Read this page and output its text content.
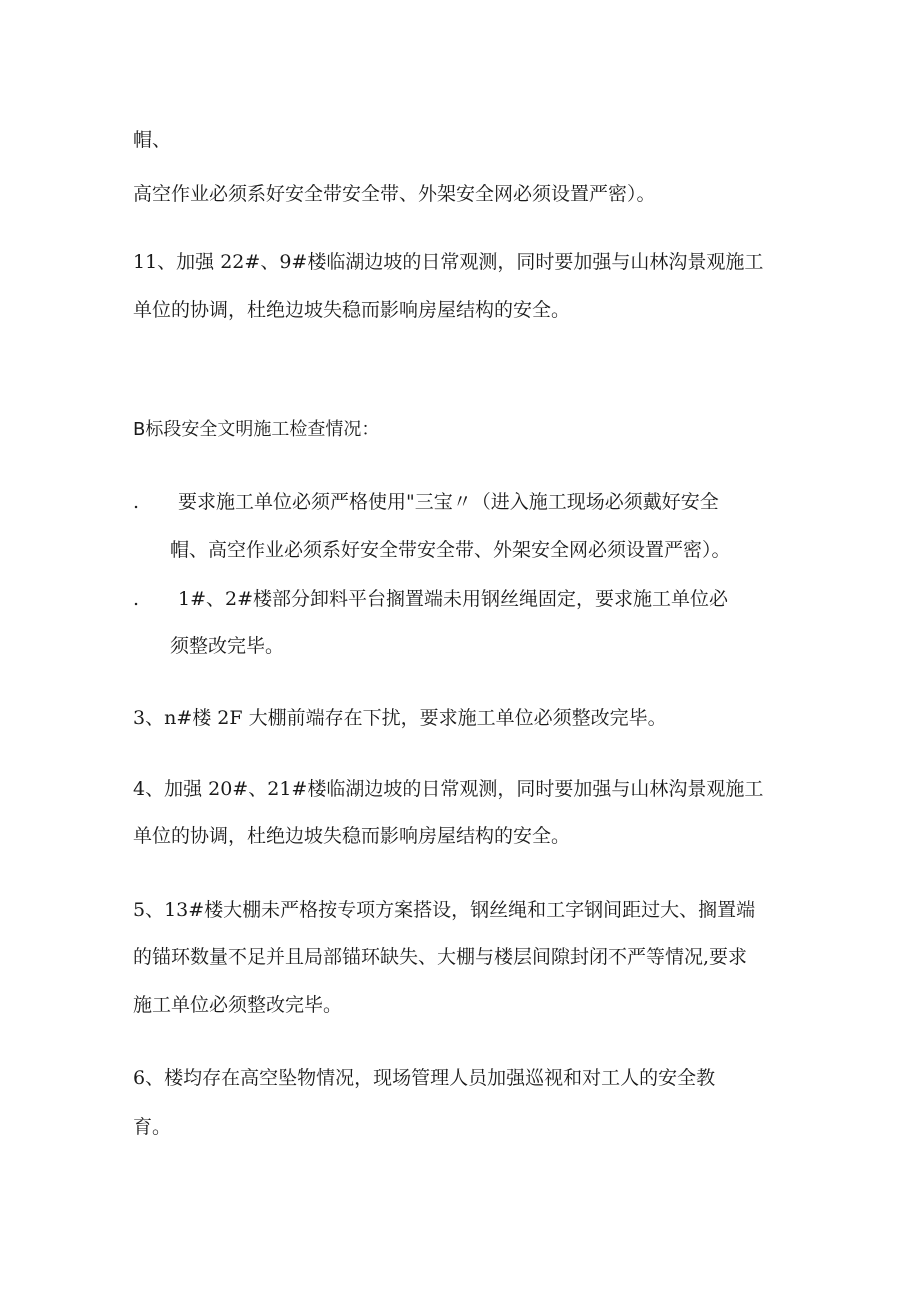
帽、
高空作业必须系好安全带安全带、外架安全网必须设置严密）。
11、加强 22#、9#楼临湖边坡的日常观测，同时要加强与山林沟景观施工
单位的协调，杜绝边坡失稳而影响房屋结构的安全。
B标段安全文明施工检查情况：
. 要求施工单位必须严格使用"三宝〃（进入施工现场必须戴好安全
帽、高空作业必须系好安全带安全带、外架安全网必须设置严密）。
. 1#、2#楼部分卸料平台搁置端未用钢丝绳固定，要求施工单位必
须整改完毕。
3、n#楼 2F 大棚前端存在下扰，要求施工单位必须整改完毕。
4、加强 20#、21#楼临湖边坡的日常观测，同时要加强与山林沟景观施工
单位的协调，杜绝边坡失稳而影响房屋结构的安全。
5、13#楼大棚未严格按专项方案搭设，钢丝绳和工字钢间距过大、搁置端
的锚环数量不足并且局部锚环缺失、大棚与楼层间隙封闭不严等情况,要求
施工单位必须整改完毕。
6、楼均存在高空坠物情况，现场管理人员加强巡视和对工人的安全教
育。
